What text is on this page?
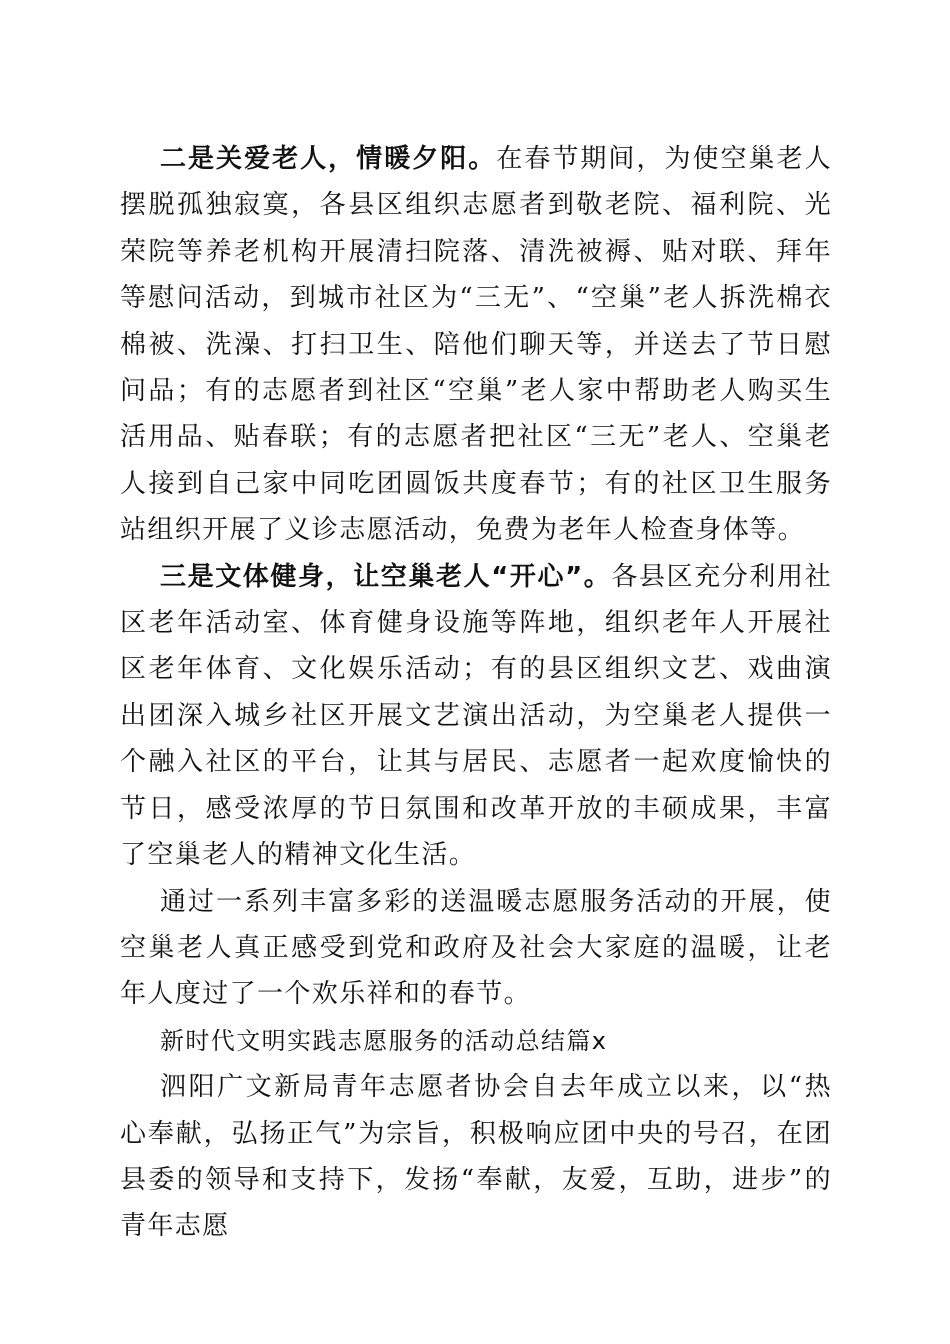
二是关爱老人，情暖夕阳。在春节期间，为使空巢老人摆脱孤独寂寞，各县区组织志愿者到敬老院、福利院、光荣院等养老机构开展清扫院落、清洗被褥、贴对联、拜年等慰问活动，到城市社区为“三无”、“空巢”老人拆洗棉衣棉被、洗澡、打扫卫生、陪他们聊天等，并送去了节日慰问品；有的志愿者到社区“空巢”老人家中帮助老人购买生活用品、贴春联；有的志愿者把社区“三无”老人、空巢老人接到自己家中同吃团圆饭共度春节；有的社区卫生服务站组织开展了义诊志愿活动，免费为老年人检查身体等。

三是文体健身，让空巢老人“开心”。各县区充分利用社区老年活动室、体育健身设施等阵地，组织老年人开展社区老年体育、文化娱乐活动；有的县区组织文艺、戏曲演出团深入城乡社区开展文艺演出活动，为空巢老人提供一个融入社区的平台，让其与居民、志愿者一起欢度愉快的节日，感受浓厚的节日氛围和改革开放的丰硕成果，丰富了空巢老人的精神文化生活。

通过一系列丰富多彩的送温暖志愿服务活动的开展，使空巢老人真正感受到党和政府及社会大家庭的温暖，让老年人度过了一个欢乐祥和的春节。

新时代文明实践志愿服务的活动总结篇x

泗阳广文新局青年志愿者协会自去年成立以来，以“热心奉献，弘扬正气”为宗旨，积极响应团中央的号召，在团县委的领导和支持下，发扬“奉献，友爱，互助，进步”的青年志愿
